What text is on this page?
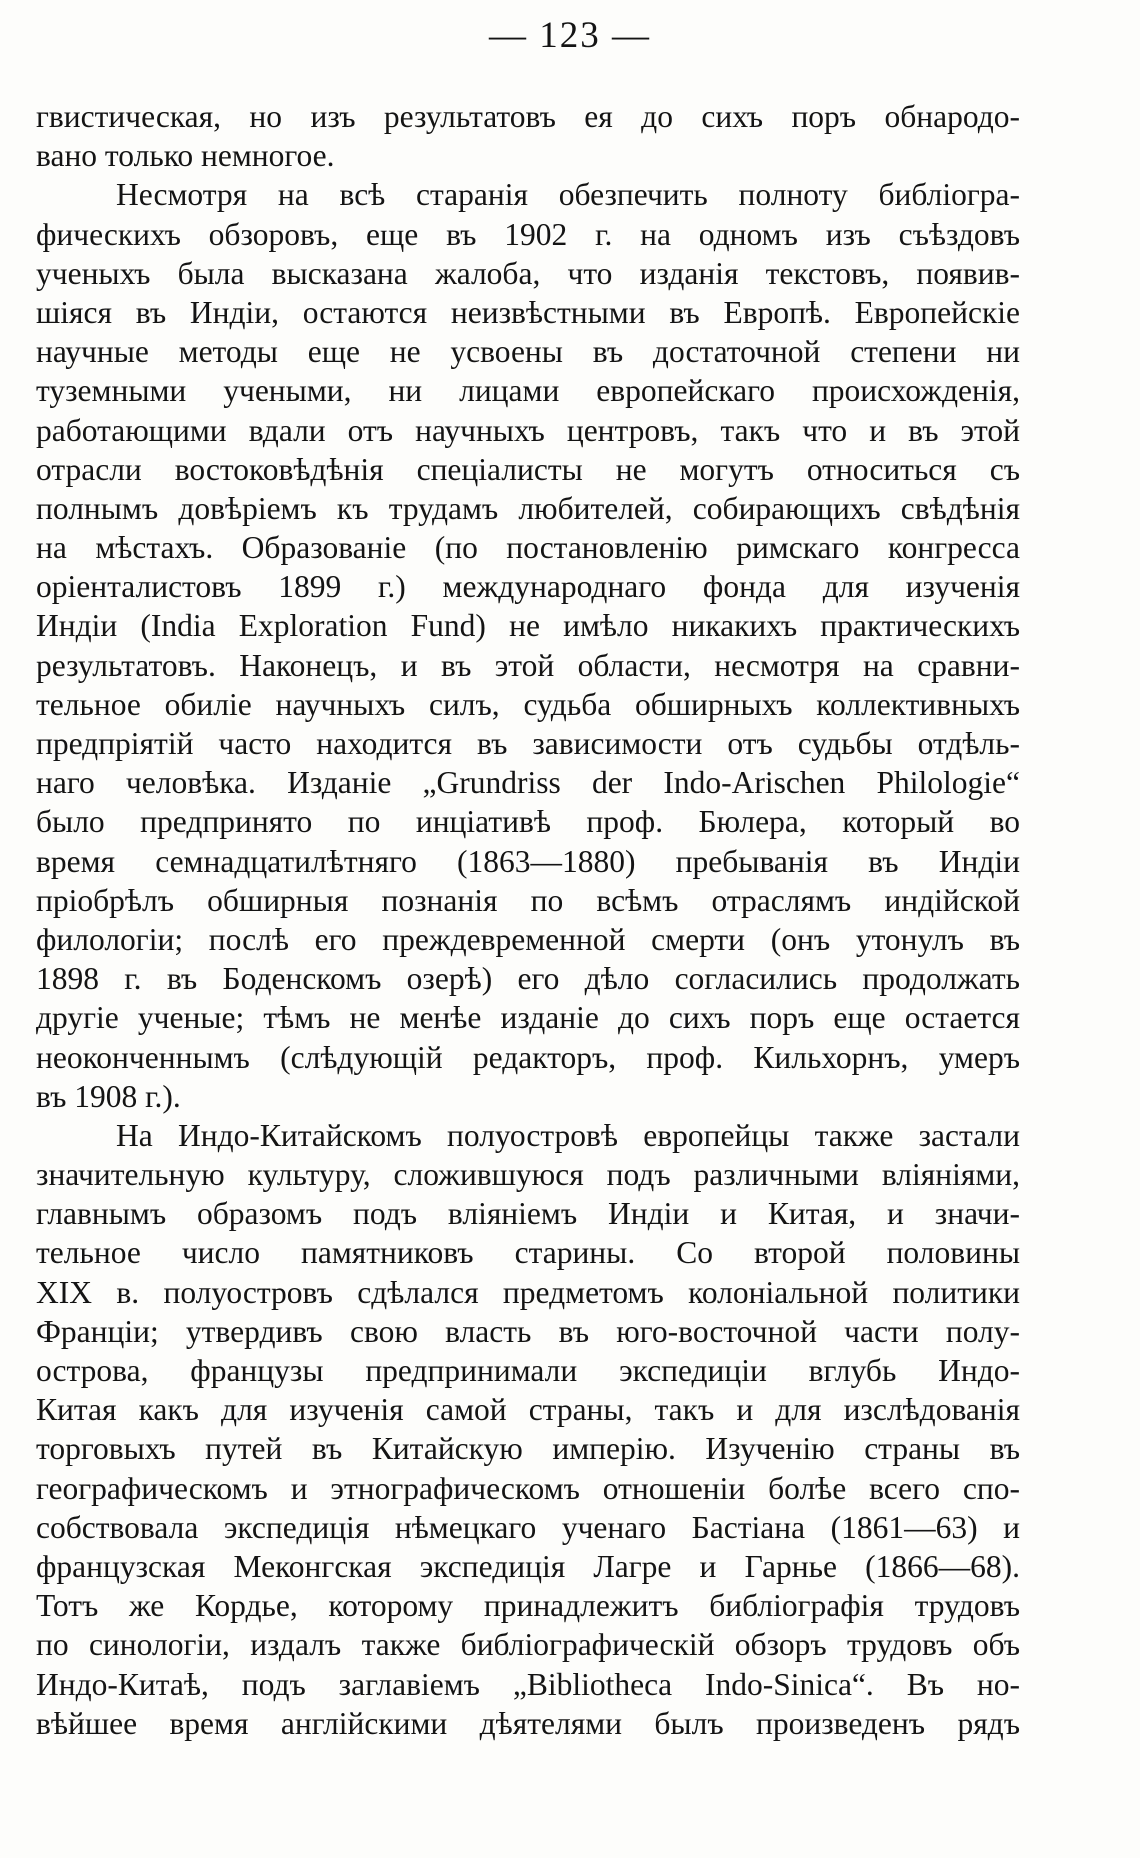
— 123 —
гвистическая, но изъ результатовъ ея до сихъ поръ обнародо-
вано только немногое.
Несмотря на всѣ старанія обезпечить полноту библіогра-
фическихъ обзоровъ, еще въ 1902 г. на одномъ изъ съѣздовъ
ученыхъ была высказана жалоба, что изданія текстовъ, появив-
шіяся въ Индіи, остаются неизвѣстными въ Европѣ. Европейскіе
научные методы еще не усвоены въ достаточной степени ни
туземными учеными, ни лицами европейскаго происхожденія,
работающими вдали отъ научныхъ центровъ, такъ что и въ этой
отрасли востоковѣдѣнія спеціалисты не могутъ относиться съ
полнымъ довѣріемъ къ трудамъ любителей, собирающихъ свѣдѣнія
на мѣстахъ. Образованіе (по постановленію римскаго конгресса
оріенталистовъ 1899 г.) международнаго фонда для изученія
Индіи (India Exploration Fund) не имѣло никакихъ практическихъ
результатовъ. Наконецъ, и въ этой области, несмотря на сравни-
тельное обиліе научныхъ силъ, судьба обширныхъ коллективныхъ
предпріятій часто находится въ зависимости отъ судьбы отдѣль-
наго человѣка. Изданіе „Grundriss der Indo-Arischen Philologie“
было предпринято по инціативѣ проф. Бюлера, который во
время семнадцатилѣтняго (1863—1880) пребыванія въ Индіи
пріобрѣлъ обширныя познанія по всѣмъ отраслямъ индійской
филологіи; послѣ его преждевременной смерти (онъ утонулъ въ
1898 г. въ Боденскомъ озерѣ) его дѣло согласились продолжать
другіе ученые; тѣмъ не менѣе изданіе до сихъ поръ еще остается
неоконченнымъ (слѣдующій редакторъ, проф. Кильхорнъ, умеръ
въ 1908 г.).
На Индо-Китайскомъ полуостровѣ европейцы также застали
значительную культуру, сложившуюся подъ различными вліяніями,
главнымъ образомъ подъ вліяніемъ Индіи и Китая, и значи-
тельное число памятниковъ старины. Со второй половины
XIX в. полуостровъ сдѣлался предметомъ колоніальной политики
Франціи; утвердивъ свою власть въ юго-восточной части полу-
острова, французы предпринимали экспедиціи вглубь Индо-
Китая какъ для изученія самой страны, такъ и для изслѣдованія
торговыхъ путей въ Китайскую имперію. Изученію страны въ
географическомъ и этнографическомъ отношеніи болѣе всего спо-
собствовала экспедиція нѣмецкаго ученаго Бастіана (1861—63) и
французская Меконгская экспедиція Лагре и Гарнье (1866—68).
Тотъ же Кордье, которому принадлежитъ библіографія трудовъ
по синологіи, издалъ также библіографическій обзоръ трудовъ объ
Индо-Китаѣ, подъ заглавіемъ „Bibliotheca Indo-Sinica“. Въ но-
вѣйшее время англійскими дѣятелями былъ произведенъ рядъ
